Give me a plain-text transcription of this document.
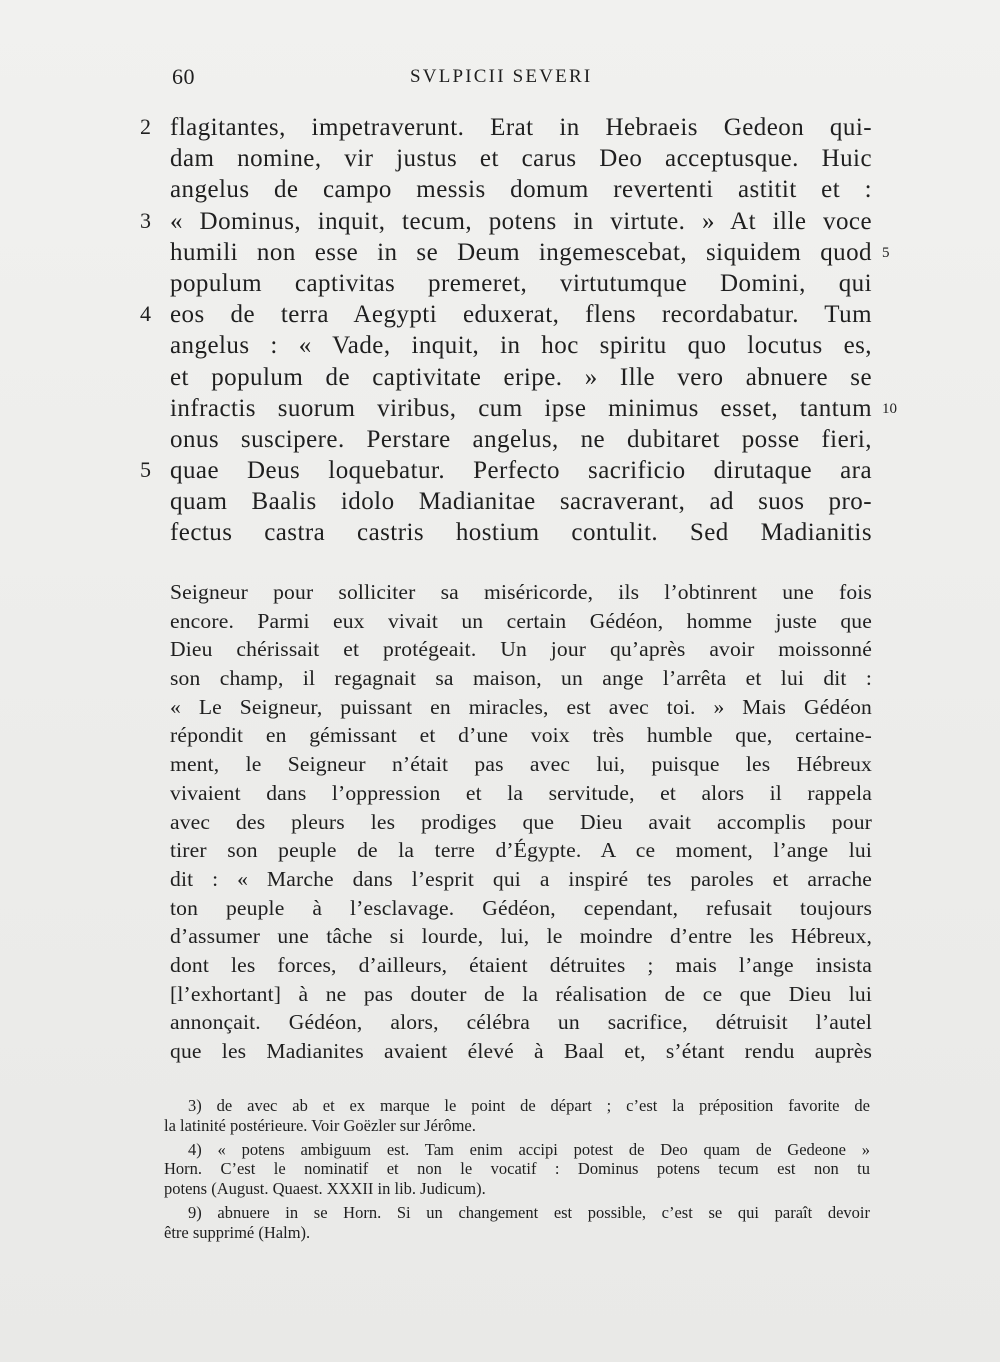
60	SVLPICII SEVERI
2 flagitantes, impetraverunt. Erat in Hebraeis Gedeon qui-
dam nomine, vir justus et carus Deo acceptusque. Huic
angelus de campo messis domum revertenti astitit et :
3 « Dominus, inquit, tecum, potens in virtute. » At ille voce
humili non esse in se Deum ingemescebat, siquidem quod 5
populum captivitas premeret, virtutumque Domini, qui
4 eos de terra Aegypti eduxerat, flens recordabatur. Tum
angelus : « Vade, inquit, in hoc spiritu quo locutus es,
et populum de captivitate eripe. » Ille vero abnuere se
infractis suorum viribus, cum ipse minimus esset, tantum 10
onus suscipere. Perstare angelus, ne dubitaret posse fieri,
5 quae Deus loquebatur. Perfecto sacrificio dirutaque ara
quam Baalis idolo Madianitae sacraverant, ad suos pro-
fectus castra castris hostium contulit. Sed Madianitis
Seigneur pour solliciter sa miséricorde, ils l’obtinrent une fois
encore. Parmi eux vivait un certain Gédéon, homme juste que
Dieu chérissait et protégeait. Un jour qu’après avoir moissonné
son champ, il regagnait sa maison, un ange l’arrêta et lui dit :
« Le Seigneur, puissant en miracles, est avec toi. » Mais Gédéon
répondit en gémissant et d’une voix très humble que, certaine-
ment, le Seigneur n’était pas avec lui, puisque les Hébreux
vivaient dans l’oppression et la servitude, et alors il rappela
avec des pleurs les prodiges que Dieu avait accomplis pour
tirer son peuple de la terre d’Égypte. A ce moment, l’ange lui
dit : « Marche dans l’esprit qui a inspiré tes paroles et arrache
ton peuple à l’esclavage. Gédéon, cependant, refusait toujours
d’assumer une tâche si lourde, lui, le moindre d’entre les Hébreux,
dont les forces, d’ailleurs, étaient détruites ; mais l’ange insista
[l’exhortant] à ne pas douter de la réalisation de ce que Dieu lui
annonçait. Gédéon, alors, célébra un sacrifice, détruisit l’autel
que les Madianites avaient élevé à Baal et, s’étant rendu auprès
3) de avec ab et ex marque le point de départ ; c’est la préposition favorite de
la latinité postérieure. Voir Goëzler sur Jérôme.
4) « potens ambiguum est. Tam enim accipi potest de Deo quam de Gedeone »
Horn. C’est le nominatif et non le vocatif : Dominus potens tecum est non tu
potens (August. Quaest. XXXII in lib. Judicum).
9) abnuere in se Horn. Si un changement est possible, c’est se qui paraît devoir
être supprimé (Halm).
